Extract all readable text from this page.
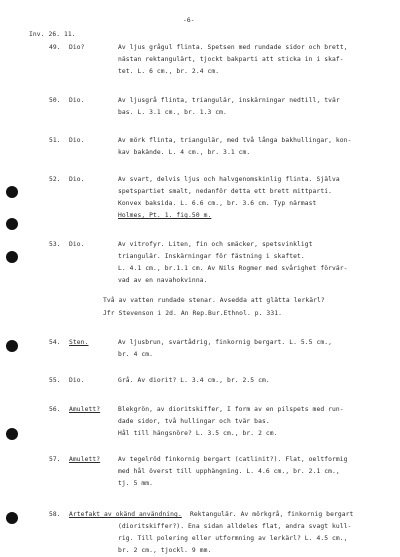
-6-
Inv. 26. 11.
49. Dio?	Av ljus grågul flinta. Spetsen med rundade sidor och brett,
nästan rektangulärt, tjockt bakparti att sticka in i skaf-
tet. L. 6 cm., br. 2.4 cm.
50. Dio.	Av ljusgrå flinta, triangulär, inskärningar nedtill, tvär
bas. L. 3.1 cm., br. 1.3 cm.
51. Dio.	Av mörk flinta, triangulär, med två långa bakhullingar, kon-
kav bakände. L. 4 cm., br. 3.1 cm.
52. Dio.	Av svart, delvis ljus och halvgenomskinlig flinta. Själva
spetspartiet smalt, nedanför detta ett brett mittparti.
Konvex baksida. L. 6.6 cm., br. 3.6 cm. Typ närmast
Holmes, Pt. 1. fig.50 m.
53. Dio.	Av vitrofyr. Liten, fin och smäcker, spetsvinkligt
triangulär. Inskärningar för fästning i skaftet.
L. 4.1 cm., br.1.1 cm. Av Nils Rogmer med svårighet förvär-
vad av en navahokvinna.
Två av vatten rundade stenar. Avsedda att glätta lerkärl?
Jfr Stevenson i 2d. An Rep.Bur.Ethnol. p. 331.
54. Sten.	Av ljusbrun, svartådrig, finkornig bergart. L. 5.5 cm.,
br. 4 cm.
55. Dio.	Grå. Av diorit? L. 3.4 cm., br. 2.5 cm.
56. Amulett?	Blekgrön, av dioritskiffer, I form av en pilspets med run-
dade sidor, två hullingar och tvär bas.
Hål till hängsnöre? L. 3.5 cm., br. 2 cm.
57. Amulett?	Av tegelröd finkornig bergart (catlinit?). Flat, oeltformig
med hål överst till upphängning. L. 4.6 cm., br. 2.1 cm.,
tj. 5 mm.
58. Artefakt av okänd användning. Rektangulär. Av mörkgrå, finkornig bergart
(dioritskiffer?). Ena sidan alldeles flat, andra svagt kull-
rig. Till polering eller utformning av lerkärl? L. 4.5 cm.,
br. 2 cm., tjockl. 9 mm.
